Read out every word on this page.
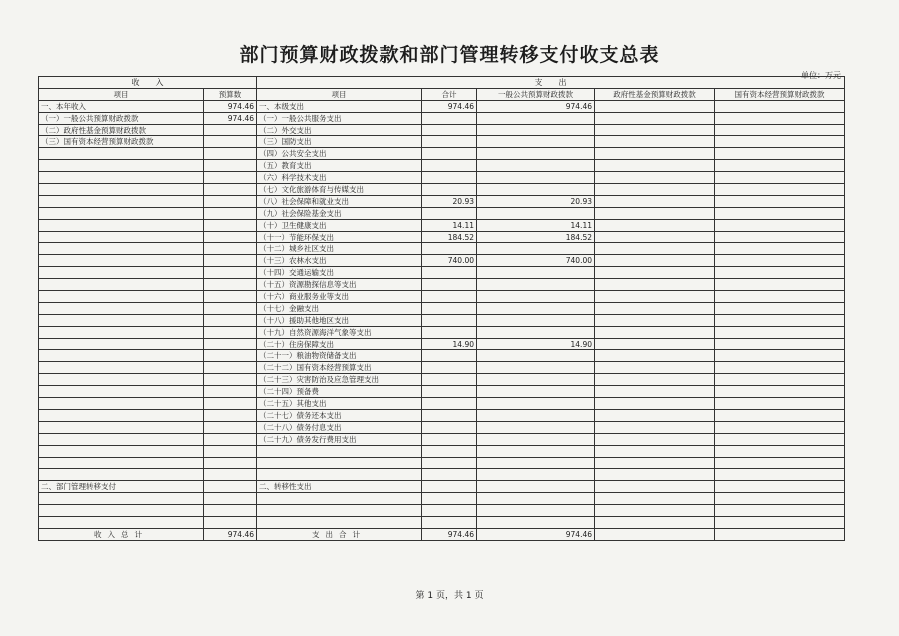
部门预算财政拨款和部门管理转移支付收支总表
单位：万元
收　　入		支　　出				
项目	预算数	项目	合计	一般公共预算财政拨款	政府性基金预算财政拨款	国有资本经营预算财政拨款
一、本年收入	974.46	一、本级支出	974.46	974.46		
（一）一般公共预算财政拨款	974.46	（一）一般公共服务支出				
（二）政府性基金预算财政拨款		（二）外交支出				
（三）国有资本经营预算财政拨款		（三）国防支出				
		（四）公共安全支出				
		（五）教育支出				
		（六）科学技术支出				
		（七）文化旅游体育与传媒支出				
		（八）社会保障和就业支出	20.93	20.93		
		（九）社会保险基金支出				
		（十）卫生健康支出	14.11	14.11		
		（十一）节能环保支出	184.52	184.52		
		（十二）城乡社区支出				
		（十三）农林水支出	740.00	740.00		
		（十四）交通运输支出				
		（十五）资源勘探信息等支出				
		（十六）商业服务业等支出				
		（十七）金融支出				
		（十八）援助其他地区支出				
		（十九）自然资源海洋气象等支出				
		（二十）住房保障支出	14.90	14.90		
		（二十一）粮油物资储备支出				
		（二十二）国有资本经营预算支出				
		（二十三）灾害防治及应急管理支出				
		（二十四）预备费				
		（二十五）其他支出				
		（二十七）债务还本支出				
		（二十八）债务付息支出				
		（二十九）债务发行费用支出				

二、部门管理转移支付		二、转移性支出				

收入总计	974.46	支出合计	974.46	974.46		
第 1 页，共 1 页
